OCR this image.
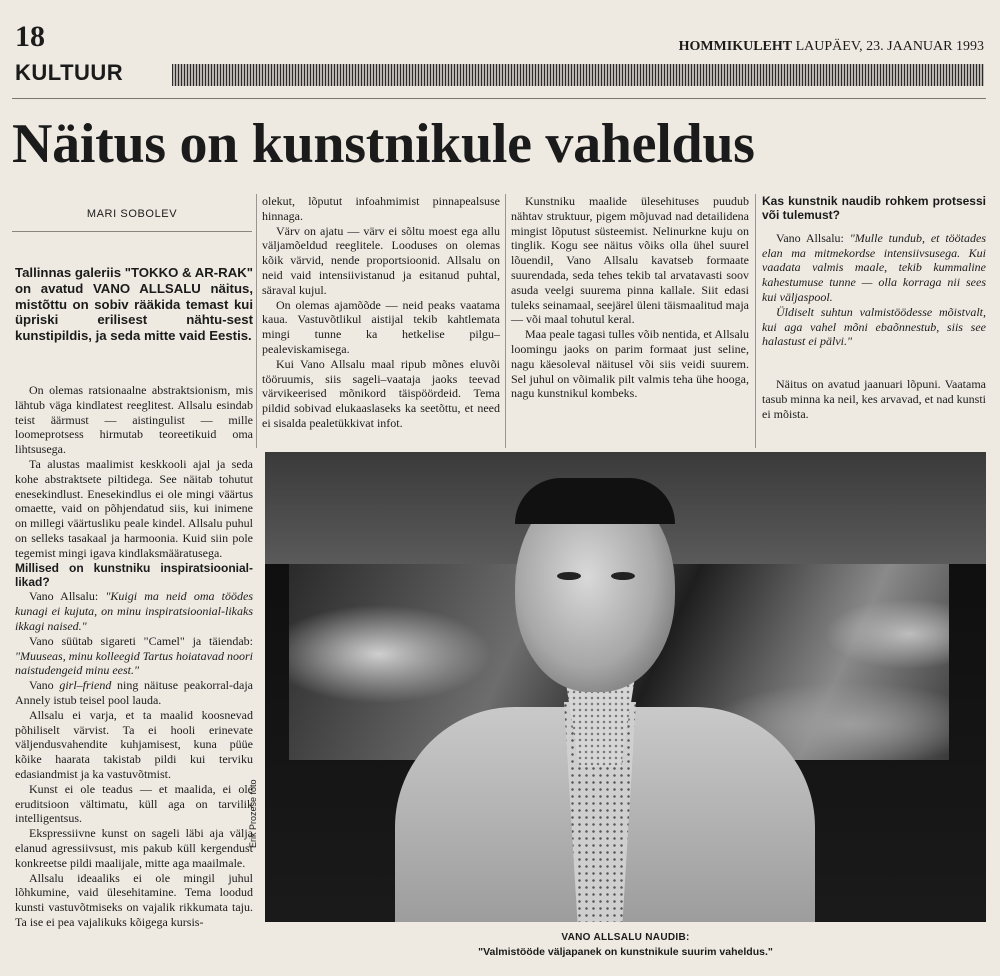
18
KULTUUR
HOMMIKULEHT LAUPÄEV, 23. JAANUAR 1993
Näitus on kunstnikule vaheldus
MARI SOBOLEV
Tallinnas galeriis "TOKKO & AR-RAK" on avatud VANO ALLSALU näitus, mistõttu on sobiv rääkida temast kui üpriski erilisest nähtu-sest kunstipildis, ja seda mitte vaid Eestis.

On olemas ratsionaalne abstraktsionism, mis lähtub väga kindlatest reeglitest. Allsalu esindab teist äärmust — aistingulist — mille loomeprotsess hirmutab teoreetikuid oma lihtsusega.

Ta alustas maalimist keskkooli ajal ja seda kohe abstraktsete piltidega. See näitab tohutut enesekindlust. Enesekindlus ei ole mingi väärtus omaette, vaid on põhjendatud siis, kui inimene on millegi väärtusliku peale kindel. Allsalu puhul on selleks tasakaal ja harmoonia. Kuid siin pole tegemist mingi igava kindlaksmääratusega.

Millised on kunstniku inspiratsioonial-likad?

Vano Allsalu: "Kuigi ma neid oma töödes kunagi ei kujuta, on minu inspiratsioonial-likaks ikkagi naised."

Vano süütab sigareti "Camel" ja täiendab: "Muuseas, minu kolleegid Tartus hoiatavad noori naistudengeid minu eest."

Vano girl–friend ning näituse peakorral-daja Annely istub teisel pool lauda.

Allsalu ei varja, et ta maalid koosnevad põhiliselt värvist. Ta ei hooli erinevate väljendusvahendite kuhjamisest, kuna püüe kõike haarata takistab pildi kui terviku edasiandmist ja ka vastuvõtmist.

Kunst ei ole teadus — et maalida, ei ole eruditsioon vältimatu, küll aga on tarvilik intelligentsus.

Ekspressiivne kunst on sageli läbi aja välja elanud agressiivsust, mis pakub küll kergendust konkreetse pildi maalijale, mitte aga maailmale.

Allsalu ideaaliks ei ole mingil juhul lõhkumine, vaid ülesehitamine. Tema loodud kunsti vastuvõtmiseks on vajalik rikkumata taju. Ta ise ei pea vajalikuks kõigega kursis-

olekut, lõputut infoahmimist pinnapealsuse hinnaga.

Värv on ajatu — värv ei sõltu moest ega allu väljamõeldud reeglitele. Looduses on olemas kõik värvid, nende proportsioonid. Allsalu on neid vaid intensiivistanud ja esitanud puhtal, säraval kujul.

On olemas ajamõõde — neid peaks vaatama kaua. Vastuvõtlikul aistijal tekib kahtlemata mingi tunne ka hetkelise pilgu–pealeviskamisega.

Kui Vano Allsalu maal ripub mõnes eluvõi tööruumis, siis sageli–vaataja jaoks teevad värvikeerised mõnikord täispöördeid. Tema pildid sobivad elukaaslaseks ka seetõttu, et need ei sisalda pealetükkivat infot.

Kunstniku maalide ülesehituses puudub nähtav struktuur, pigem mõjuvad nad detailidena mingist lõputust süsteemist. Nelinurkne kuju on tinglik. Kogu see näitus võiks olla ühel suurel lõuendil, Vano Allsalu kavatseb formaate suurendada, seda tehes tekib tal arvatavasti soov asuda veelgi suurema pinna kallale. Siit edasi tuleks seinamaal, seejärel üleni täismaalitud maja — või maal tohutul keral.

Maa peale tagasi tulles võib nentida, et Allsalu loomingu jaoks on parim formaat just seline, nagu käesoleval näitusel või siis veidi suurem. Sel juhul on võimalik pilt valmis teha ühe hooga, nagu kunstnikul kombeks.

Kas kunstnik naudib rohkem protsessi või tulemust?

Vano Allsalu: "Mulle tundub, et töötades elan ma mitmekordse intensiivsusega. Kui vaadata valmis maale, tekib kummaline kahestumuse tunne — olla korraga nii sees kui väljaspool.

Üldiselt suhtun valmistöödesse mõistvalt, kui aga vahel mõni ebaõnnestub, siis see halastust ei pälvi."

Näitus on avatud jaanuari lõpuni. Vaatama tasub minna ka neil, kes arvavad, et nad kunsti ei mõista.

Erik Prozese foto
VANO ALLSALU NAUDIB:
"Valmistööde väljapanek on kunstnikule suurim vaheldus."
